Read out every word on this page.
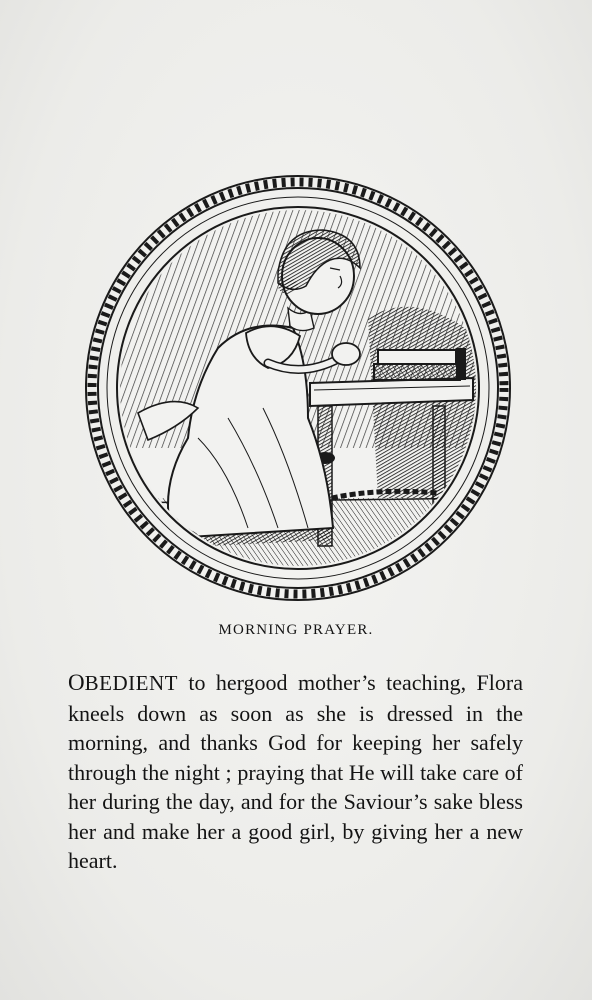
MORNING PRAYER.
OBEDIENT to hergood mother’s teaching, Flora kneels down as soon as she is dressed in the morning, and thanks God for keeping her safely through the night ; praying that He will take care of her during the day, and for the Saviour’s sake bless her and make her a good girl, by giving her a new heart.
